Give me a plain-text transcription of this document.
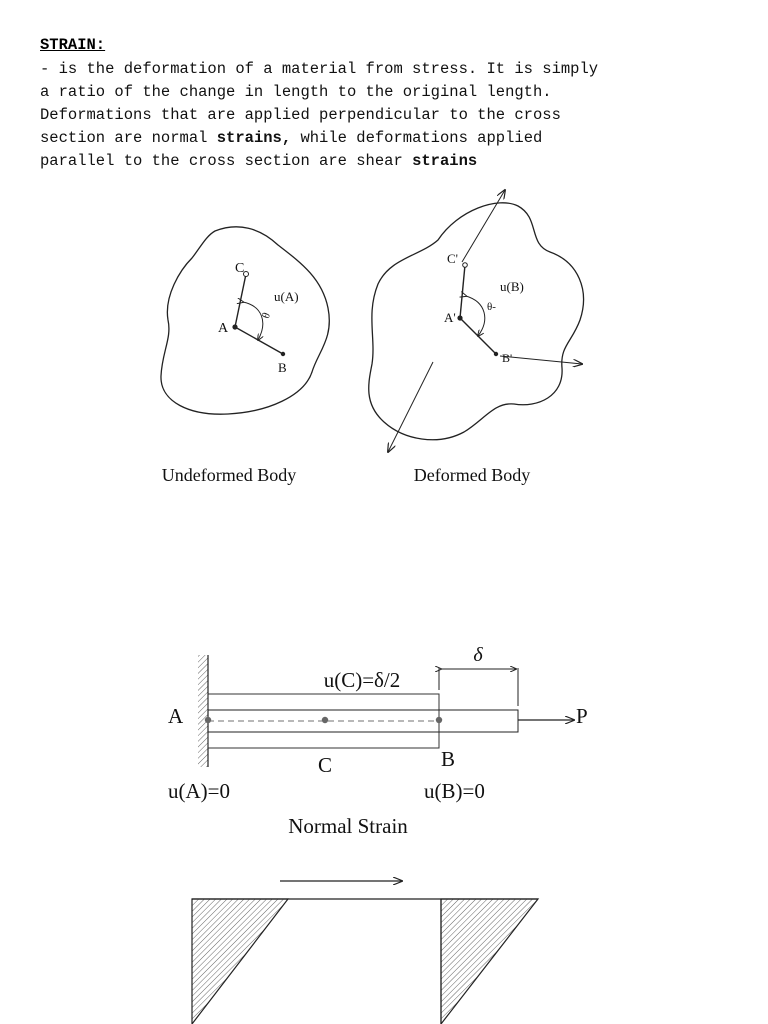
STRAIN:
- is the deformation of a material from stress. It is simply
a ratio of the change in length to the original length.
Deformations that are applied perpendicular to the cross
section are normal strains, while deformations applied
parallel to the cross section are shear strains
C
A
B
u(A)
θ
Undeformed Body
C'
A'
B'
u(B)
θ-
Deformed Body
δ
u(C)=δ/2
A	P
C	B
u(A)=0	u(B)=0
Normal Strain
